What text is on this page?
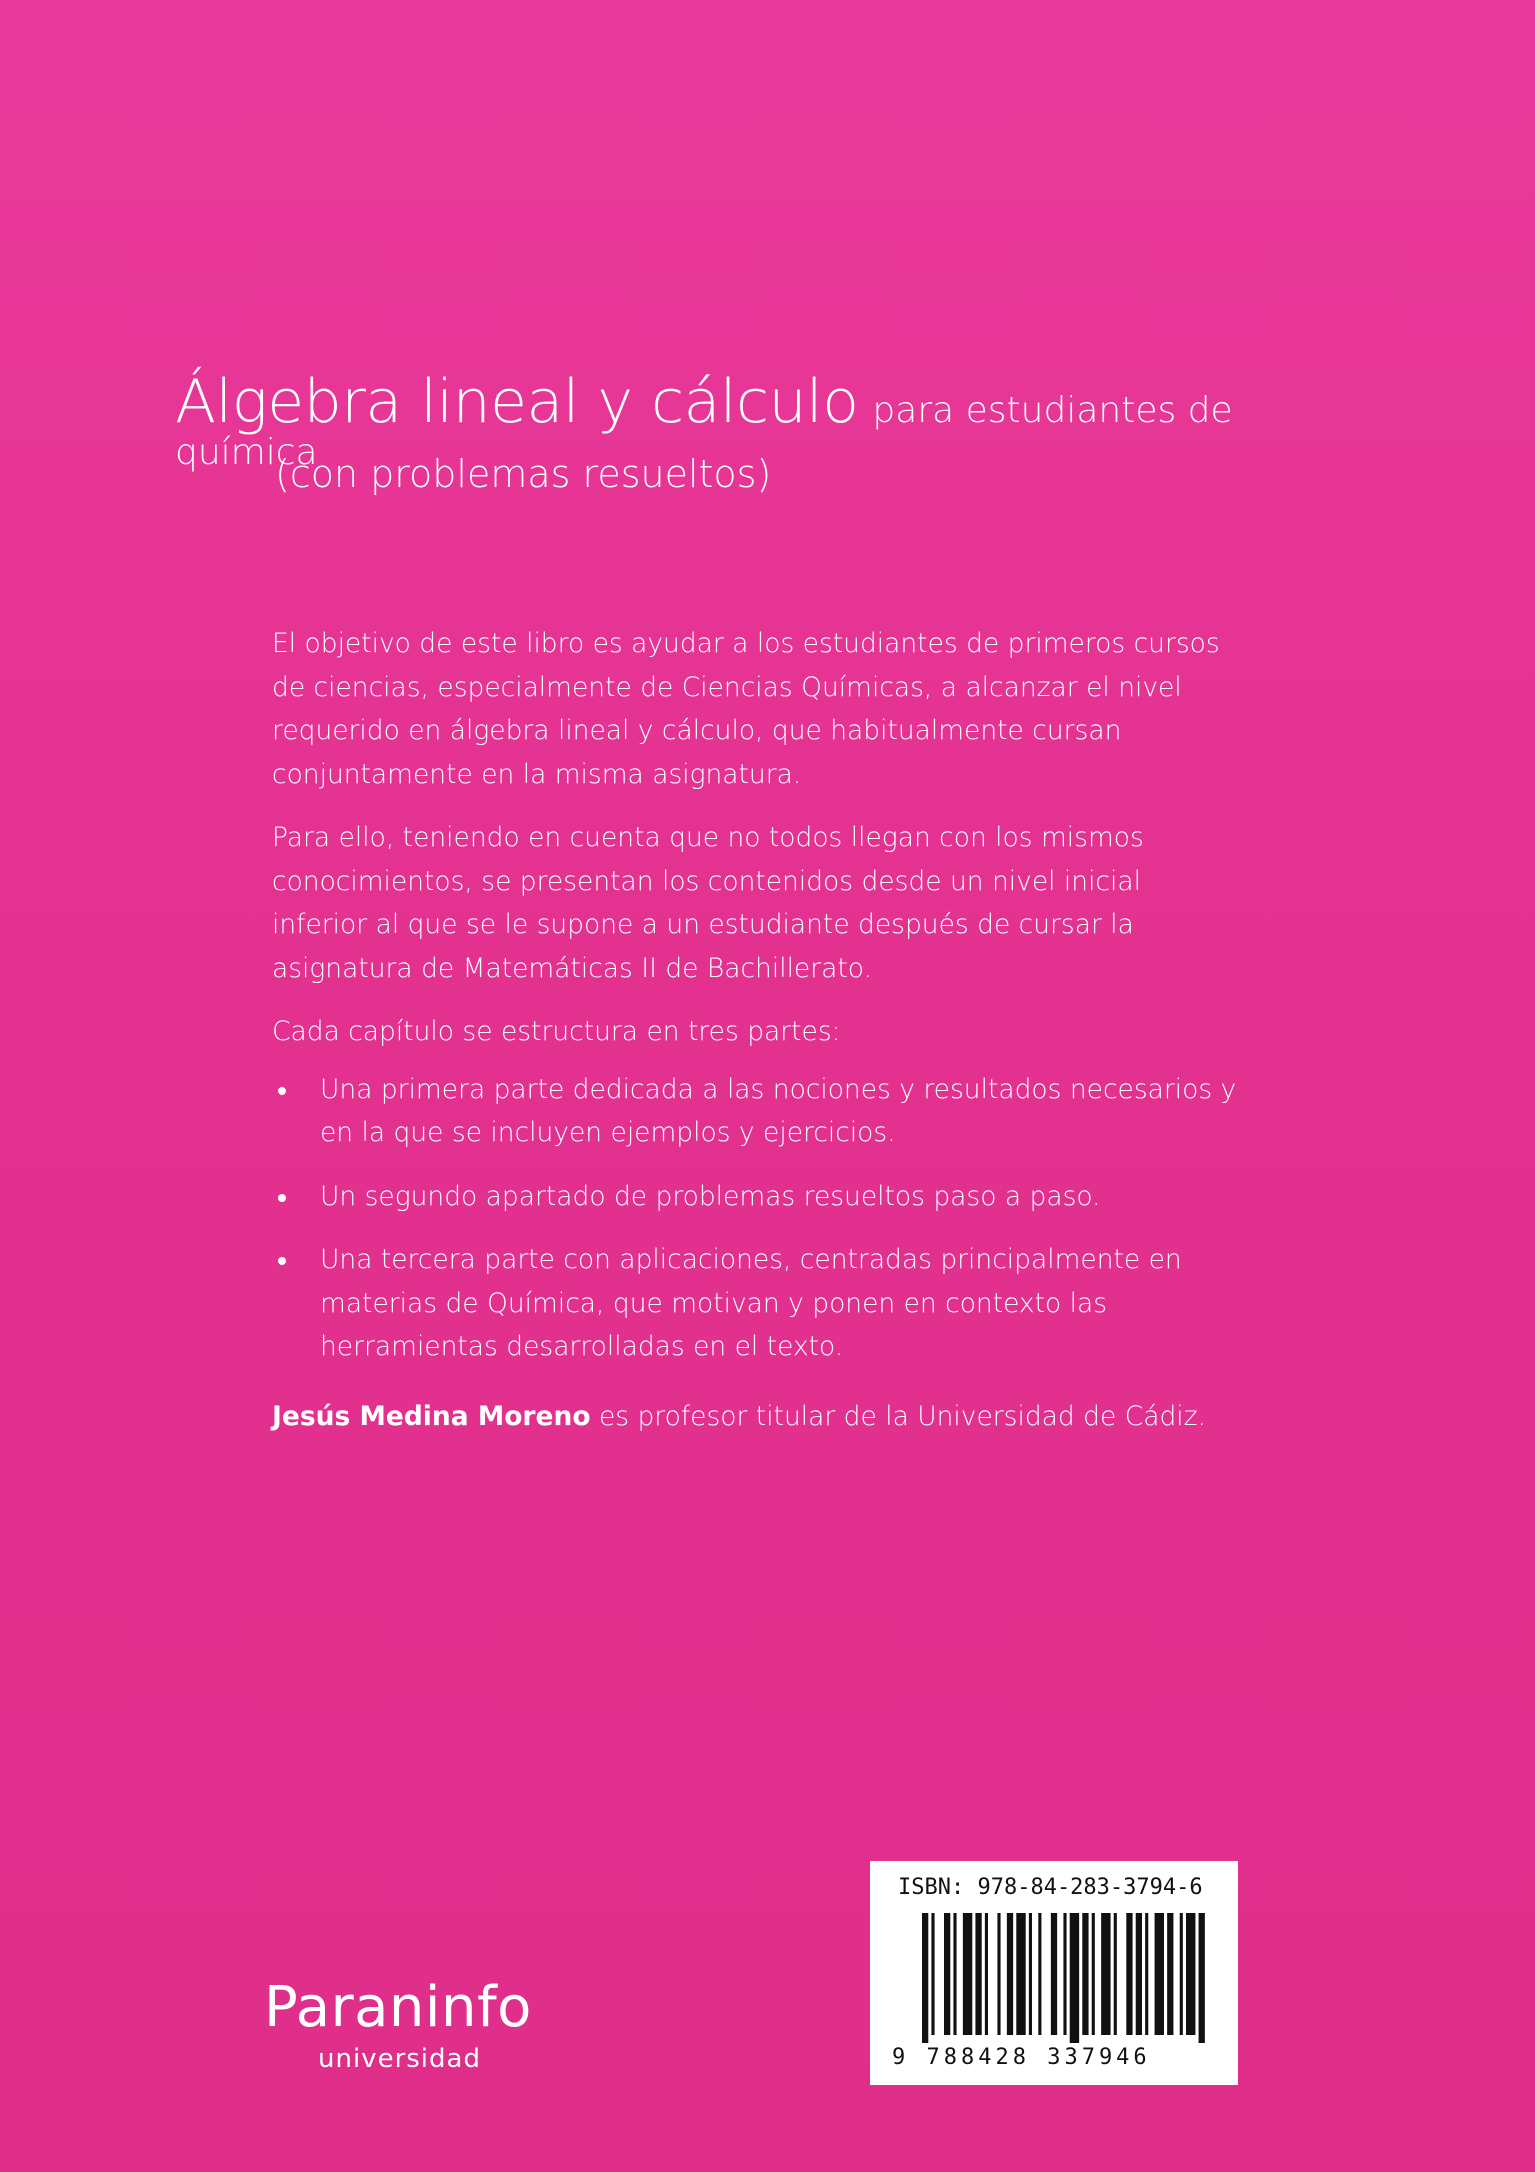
Álgebra lineal y cálculo para estudiantes de química
(con problemas resueltos)

El objetivo de este libro es ayudar a los estudiantes de primeros cursos de ciencias, especialmente de Ciencias Químicas, a alcanzar el nivel requerido en álgebra lineal y cálculo, que habitualmente cursan conjuntamente en la misma asignatura.

Para ello, teniendo en cuenta que no todos llegan con los mismos conocimientos, se presentan los contenidos desde un nivel inicial inferior al que se le supone a un estudiante después de cursar la asignatura de Matemáticas II de Bachillerato.

Cada capítulo se estructura en tres partes:

Una primera parte dedicada a las nociones y resultados necesarios y en la que se incluyen ejemplos y ejercicios.
Un segundo apartado de problemas resueltos paso a paso.
Una tercera parte con aplicaciones, centradas principalmente en materias de Química, que motivan y ponen en contexto las herramientas desarrolladas en el texto.

Jesús Medina Moreno es profesor titular de la Universidad de Cádiz.

Paraninfo
universidad
ISBN: 978-84-283-3794-6
9 788428 337946
